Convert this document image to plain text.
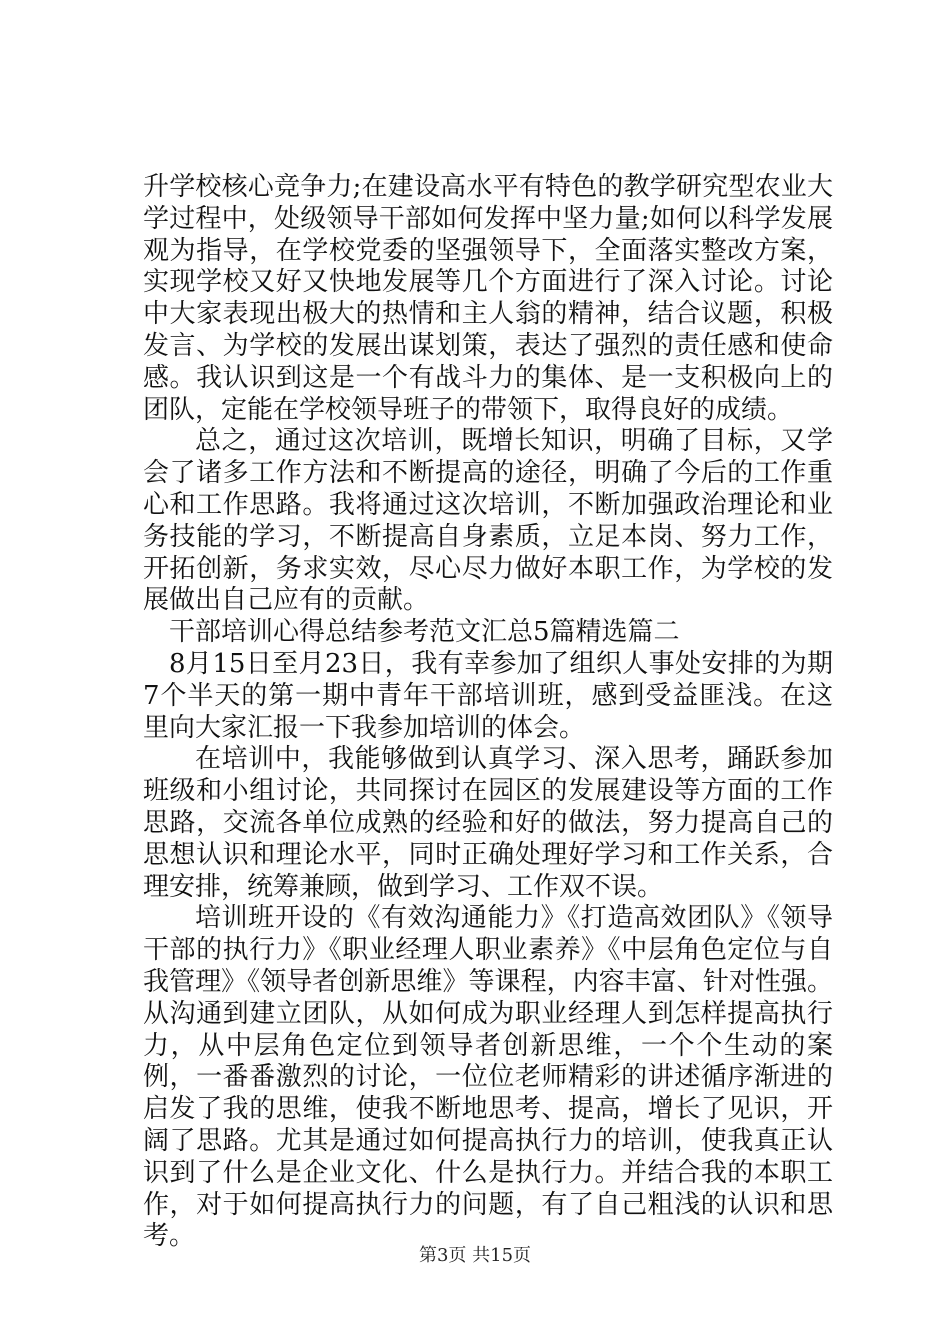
升学校核心竞争力;在建设高水平有特色的教学研究型农业大学过程中，处级领导干部如何发挥中坚力量;如何以科学发展观为指导，在学校党委的坚强领导下，全面落实整改方案，实现学校又好又快地发展等几个方面进行了深入讨论。讨论中大家表现出极大的热情和主人翁的精神，结合议题，积极发言、为学校的发展出谋划策，表达了强烈的责任感和使命感。我认识到这是一个有战斗力的集体、是一支积极向上的团队，定能在学校领导班子的带领下，取得良好的成绩。

总之，通过这次培训，既增长知识，明确了目标，又学会了诸多工作方法和不断提高的途径，明确了今后的工作重心和工作思路。我将通过这次培训，不断加强政治理论和业务技能的学习，不断提高自身素质，立足本岗、努力工作，开拓创新，务求实效，尽心尽力做好本职工作，为学校的发展做出自己应有的贡献。

干部培训心得总结参考范文汇总5篇精选篇二

8月15日至月23日，我有幸参加了组织人事处安排的为期7个半天的第一期中青年干部培训班，感到受益匪浅。在这里向大家汇报一下我参加培训的体会。

在培训中，我能够做到认真学习、深入思考，踊跃参加班级和小组讨论，共同探讨在园区的发展建设等方面的工作思路，交流各单位成熟的经验和好的做法，努力提高自己的思想认识和理论水平，同时正确处理好学习和工作关系，合理安排，统筹兼顾，做到学习、工作双不误。

培训班开设的《有效沟通能力》《打造高效团队》《领导干部的执行力》《职业经理人职业素养》《中层角色定位与自我管理》《领导者创新思维》等课程，内容丰富、针对性强。从沟通到建立团队，从如何成为职业经理人到怎样提高执行力，从中层角色定位到领导者创新思维，一个个生动的案例，一番番激烈的讨论，一位位老师精彩的讲述循序渐进的启发了我的思维，使我不断地思考、提高，增长了见识，开阔了思路。尤其是通过如何提高执行力的培训，使我真正认识到了什么是企业文化、什么是执行力。并结合我的本职工作，对于如何提高执行力的问题，有了自己粗浅的认识和思考。

第3页 共15页
